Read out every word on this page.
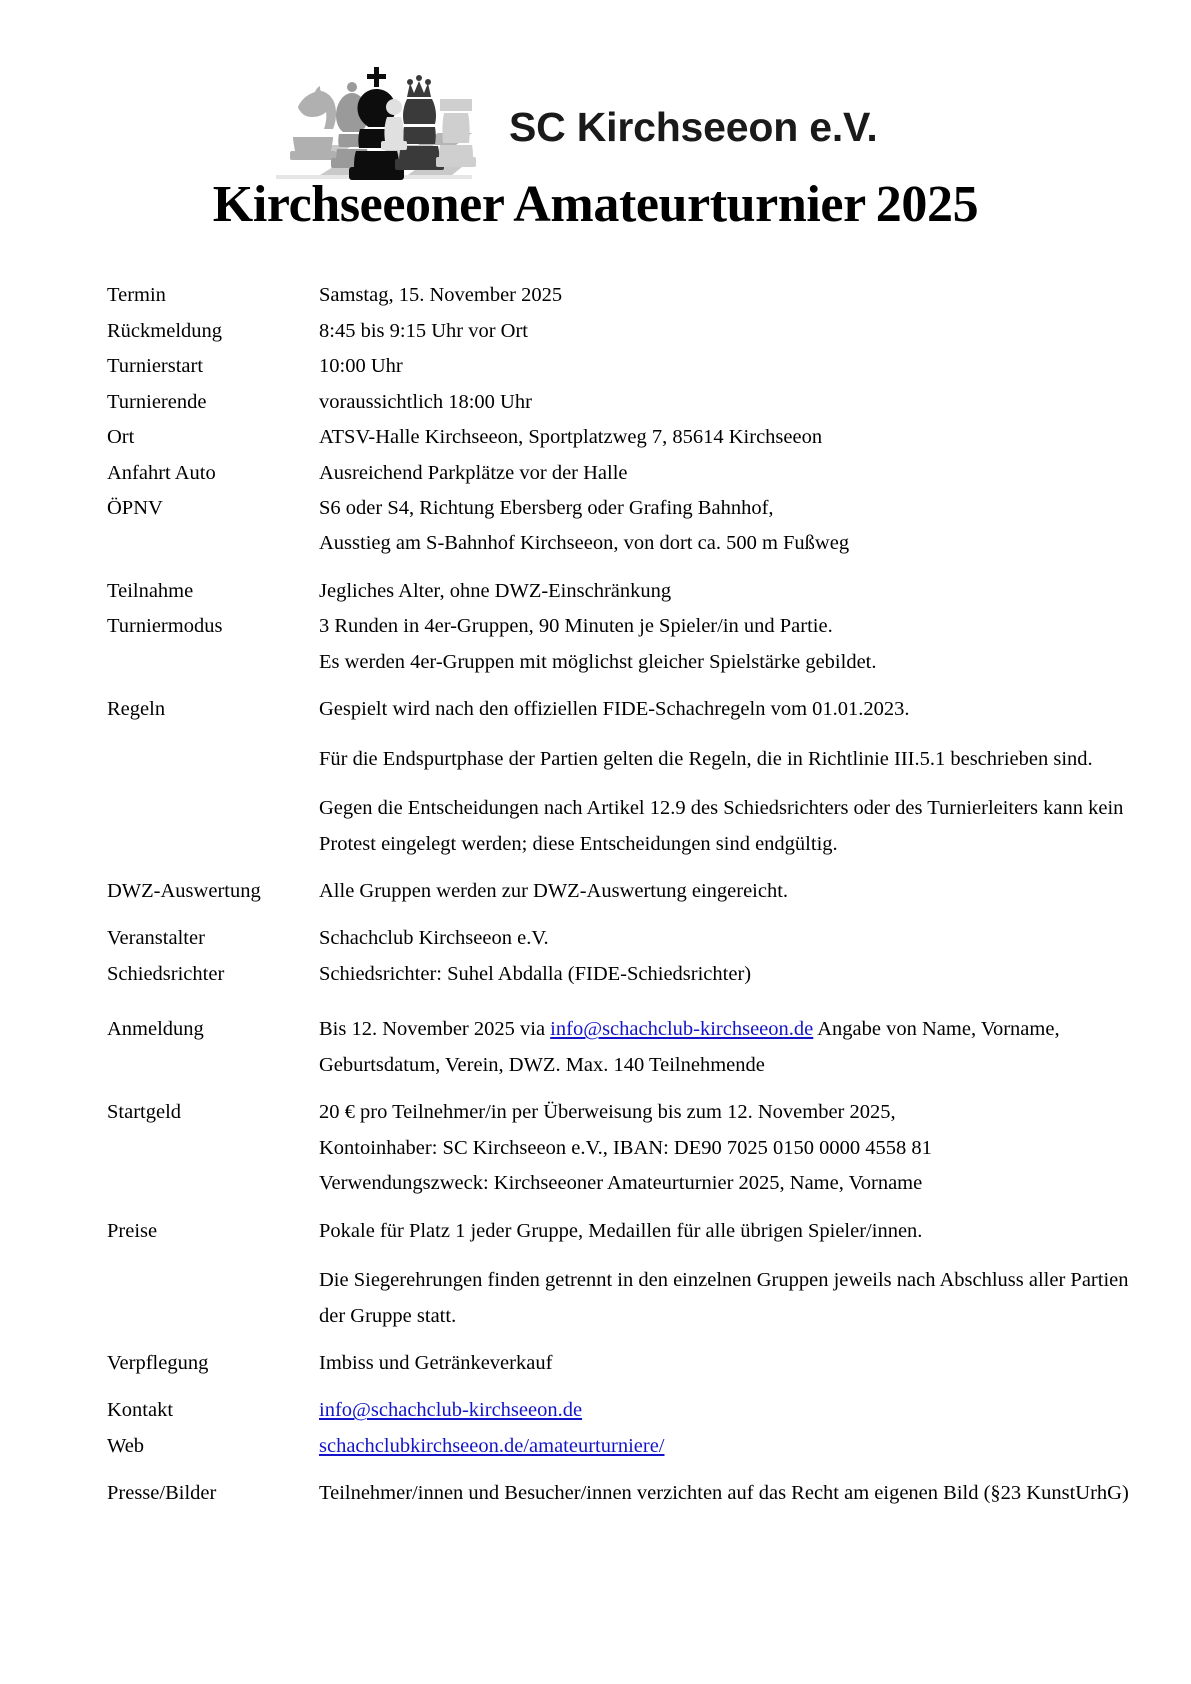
SC Kirchseeon e.V.
Kirchseeoner Amateurturnier 2025
Termin	Samstag, 15. November 2025
Rückmeldung	8:45 bis 9:15 Uhr vor Ort
Turnierstart	10:00 Uhr
Turnierende	voraussichtlich 18:00 Uhr
Ort	ATSV-Halle Kirchseeon, Sportplatzweg 7, 85614 Kirchseeon
Anfahrt Auto	Ausreichend Parkplätze vor der Halle
ÖPNV	S6 oder S4, Richtung Ebersberg oder Grafing Bahnhof,

Ausstieg am S-Bahnhof Kirchseeon, von dort ca. 500 m Fußweg

Teilnahme	Jegliches Alter, ohne DWZ-Einschränkung
Turniermodus	3 Runden in 4er-Gruppen, 90 Minuten je Spieler/in und Partie.

Es werden 4er-Gruppen mit möglichst gleicher Spielstärke gebildet.

Regeln	Gespielt wird nach den offiziellen FIDE-Schachregeln vom 01.01.2023.

Für die Endspurtphase der Partien gelten die Regeln, die in Richtlinie III.5.1 beschrieben sind.

Gegen die Entscheidungen nach Artikel 12.9 des Schiedsrichters oder des Turnierleiters kann kein Protest eingelegt werden; diese Entscheidungen sind endgültig.

DWZ-Auswertung	Alle Gruppen werden zur DWZ-Auswertung eingereicht.
Veranstalter	Schachclub Kirchseeon e.V.
Schiedsrichter	Schiedsrichter: Suhel Abdalla (FIDE-Schiedsrichter)
Anmeldung	Bis 12. November 2025 via info@schachclub-kirchseeon.de Angabe von Name, Vorname, Geburtsdatum, Verein, DWZ. Max. 140 Teilnehmende
Startgeld	20 € pro Teilnehmer/in per Überweisung bis zum 12. November 2025,

Kontoinhaber: SC Kirchseeon e.V., IBAN: DE90 7025 0150 0000 4558 81

Verwendungszweck: Kirchseeoner Amateurturnier 2025, Name, Vorname

Preise	Pokale für Platz 1 jeder Gruppe, Medaillen für alle übrigen Spieler/innen.

Die Siegerehrungen finden getrennt in den einzelnen Gruppen jeweils nach Abschluss aller Partien der Gruppe statt.

Verpflegung	Imbiss und Getränkeverkauf
Kontakt	info@schachclub-kirchseeon.de
Web	schachclubkirchseeon.de/amateurturniere/
Presse/Bilder	Teilnehmer/innen und Besucher/innen verzichten auf das Recht am eigenen Bild (§23 KunstUrhG)
